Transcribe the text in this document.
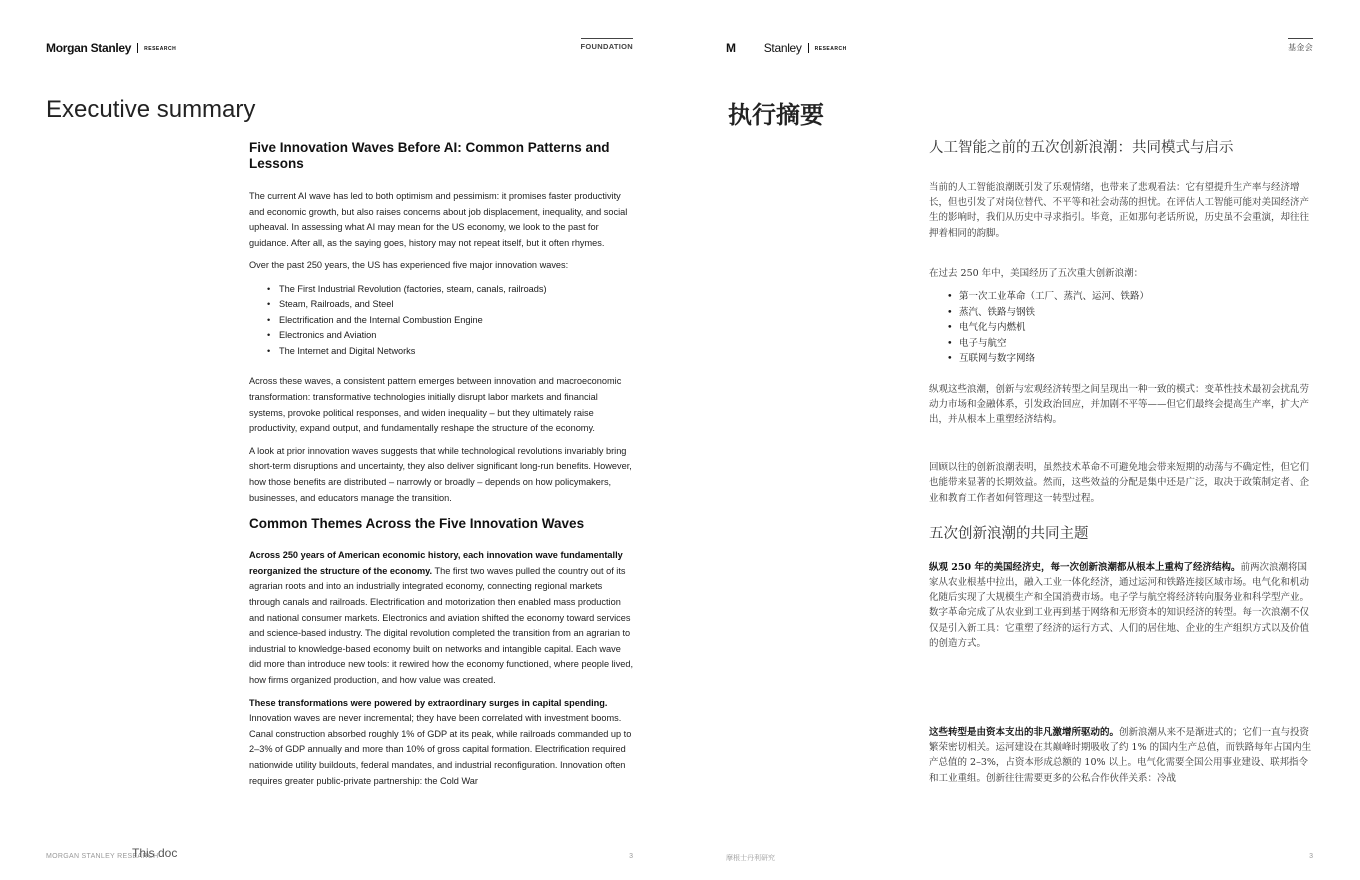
Morgan Stanley	RESEARCH	FOUNDATION
Executive summary
Five Innovation Waves Before AI: Common Patterns and Lessons

The current AI wave has led to both optimism and pessimism: it promises faster productivity and economic growth, but also raises concerns about job displacement, inequality, and social upheaval. In assessing what AI may mean for the US economy, we look to the past for guidance. After all, as the saying goes, history may not repeat itself, but it often rhymes.

Over the past 250 years, the US has experienced five major innovation waves:

• The First Industrial Revolution (factories, steam, canals, railroads)
• Steam, Railroads, and Steel
• Electrification and the Internal Combustion Engine
• Electronics and Aviation
• The Internet and Digital Networks

Across these waves, a consistent pattern emerges between innovation and macroeconomic transformation: transformative technologies initially disrupt labor markets and financial systems, provoke political responses, and widen inequality – but they ultimately raise productivity, expand output, and fundamentally reshape the structure of the economy.

A look at prior innovation waves suggests that while technological revolutions invariably bring short-term disruptions and uncertainty, they also deliver significant long-run benefits. However, how those benefits are distributed – narrowly or broadly – depends on how policymakers, businesses, and educators manage the transition.

Common Themes Across the Five Innovation Waves

Across 250 years of American economic history, each innovation wave fundamentally reorganized the structure of the economy. The first two waves pulled the country out of its agrarian roots and into an industrially integrated economy, connecting regional markets through canals and railroads. Electrification and motorization then enabled mass production and national consumer markets. Electronics and aviation shifted the economy toward services and science-based industry. The digital revolution completed the transition from an agrarian to industrial to knowledge-based economy built on networks and intangible capital. Each wave did more than introduce new tools: it rewired how the economy functioned, where people lived, how firms organized production, and how value was created.

These transformations were powered by extraordinary surges in capital spending. Innovation waves are never incremental; they have been correlated with investment booms. Canal construction absorbed roughly 1% of GDP at its peak, while railroads commanded up to 2–3% of GDP annually and more than 10% of gross capital formation. Electrification required nationwide utility buildouts, federal mandates, and industrial reconfiguration. Innovation often requires greater public-private partnership: the Cold War

MORGAN STANLEY RESEARCH
This doc	3
M Stanley	RESEARCH	基金会
执行摘要
人工智能之前的五次创新浪潮：共同模式与启示

当前的人工智能浪潮既引发了乐观情绪，也带来了悲观看法：它有望提升生产率与经济增长，但也引发了对岗位替代、不平等和社会动荡的担忧。在评估人工智能可能对美国经济产生的影响时，我们从历史中寻求指引。毕竟，正如那句老话所说，历史虽不会重演，却往往押着相同的韵脚。

在过去 250 年中，美国经历了五次重大创新浪潮：

• 第一次工业革命（工厂、蒸汽、运河、铁路）
• 蒸汽、铁路与钢铁
• 电气化与内燃机
• 电子与航空
• 互联网与数字网络

纵观这些浪潮，创新与宏观经济转型之间呈现出一种一致的模式：变革性技术最初会扰乱劳动力市场和金融体系，引发政治回应，并加剧不平等——但它们最终会提高生产率，扩大产出，并从根本上重塑经济结构。

回顾以往的创新浪潮表明，虽然技术革命不可避免地会带来短期的动荡与不确定性，但它们也能带来显著的长期效益。然而，这些效益的分配是集中还是广泛，取决于政策制定者、企业和教育工作者如何管理这一转型过程。

五次创新浪潮的共同主题

纵观 250 年的美国经济史，每一次创新浪潮都从根本上重构了经济结构。前两次浪潮将国家从农业根基中拉出，融入工业一体化经济，通过运河和铁路连接区域市场。电气化和机动化随后实现了大规模生产和全国消费市场。电子学与航空将经济转向服务业和科学型产业。数字革命完成了从农业到工业再到基于网络和无形资本的知识经济的转型。每一次浪潮不仅仅是引入新工具：它重塑了经济的运行方式、人们的居住地、企业的生产组织方式以及价值的创造方式。

这些转型是由资本支出的非凡激增所驱动的。创新浪潮从来不是渐进式的；它们一直与投资繁荣密切相关。运河建设在其巅峰时期吸收了约 1% 的国内生产总值，而铁路每年占国内生产总值的 2–3%，占资本形成总额的 10% 以上。电气化需要全国公用事业建设、联邦指令和工业重组。创新往往需要更多的公私合作伙伴关系：冷战

摩根士丹利研究	3
